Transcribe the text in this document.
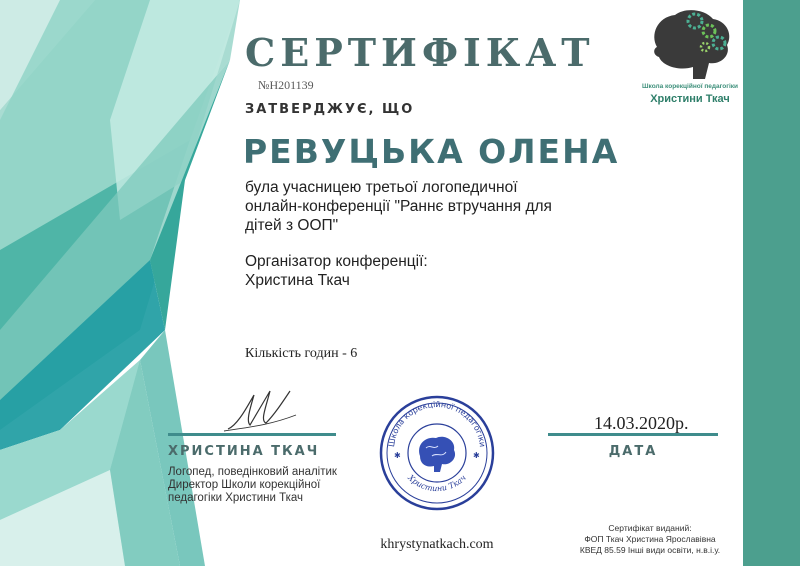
Школа корекційної педагогіки
Христини Ткач
СЕРТИФІКАТ
№Н201139
ЗАТВЕРДЖУЄ, ЩО
РЕВУЦЬКА ОЛЕНА
була учасницею третьої логопедичної онлайн-конференції "Раннє втручання для дітей з ООП"
Організатор конференції:
Христина Ткач
Кількість годин - 6
ХРИСТИНА ТКАЧ
Логопед, поведінковий аналітик Директор Школи корекційної педагогіки Христини Ткач
Школа корекційної педагогіки
Христини Ткач
✱	✱
khrystynatkach.com
14.03.2020р.
ДАТА
Сертифікат виданий:
ФОП Ткач Христина Ярославівна
КВЕД 85.59 Інші види освіти, н.в.і.у.
